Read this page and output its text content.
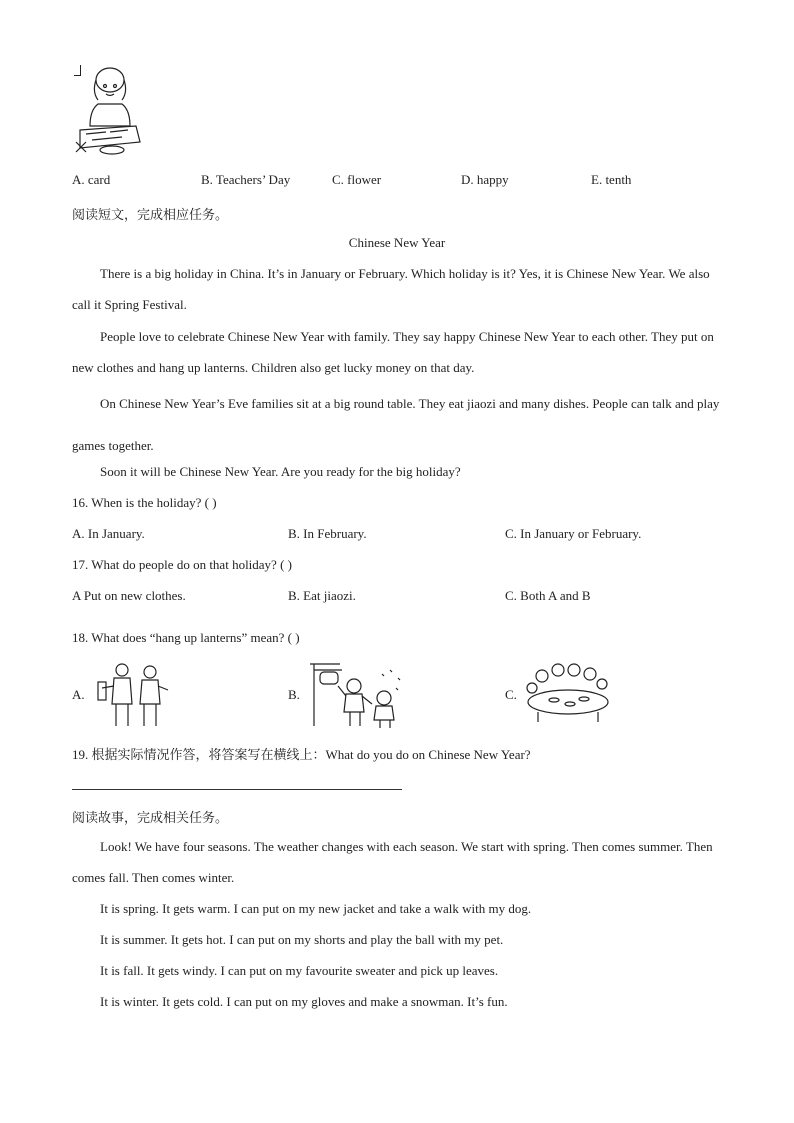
A. card	B. Teachers’ Day	C. flower	D. happy	E. tenth
阅读短文，完成相应任务。
Chinese New Year
There is a big holiday in China. It’s in January or February. Which holiday is it? Yes, it is Chinese New Year. We also call it Spring Festival.
People love to celebrate Chinese New Year with family. They say happy Chinese New Year to each other. They put on new clothes and hang up lanterns. Children also get lucky money on that day.
On Chinese New Year’s Eve families sit at a big round table. They eat jiaozi and many dishes. People can talk and play games together.
Soon it will be Chinese New Year. Are you ready for the big holiday?
16. When is the holiday? ( )
A. In January.	B. In February.	C. In January or February.
17. What do people do on that holiday? ( )
A Put on new clothes.	B. Eat jiaozi.	C. Both A and B
18. What does “hang up lanterns” mean? ( )
A.	B.	C.
19. 根据实际情况作答，将答案写在横线上：What do you do on Chinese New Year?
阅读故事，完成相关任务。
Look! We have four seasons. The weather changes with each season. We start with spring. Then comes summer. Then comes fall. Then comes winter.
It is spring. It gets warm. I can put on my new jacket and take a walk with my dog.
It is summer. It gets hot. I can put on my shorts and play the ball with my pet.
It is fall. It gets windy. I can put on my favourite sweater and pick up leaves.
It is winter. It gets cold. I can put on my gloves and make a snowman. It’s fun.
